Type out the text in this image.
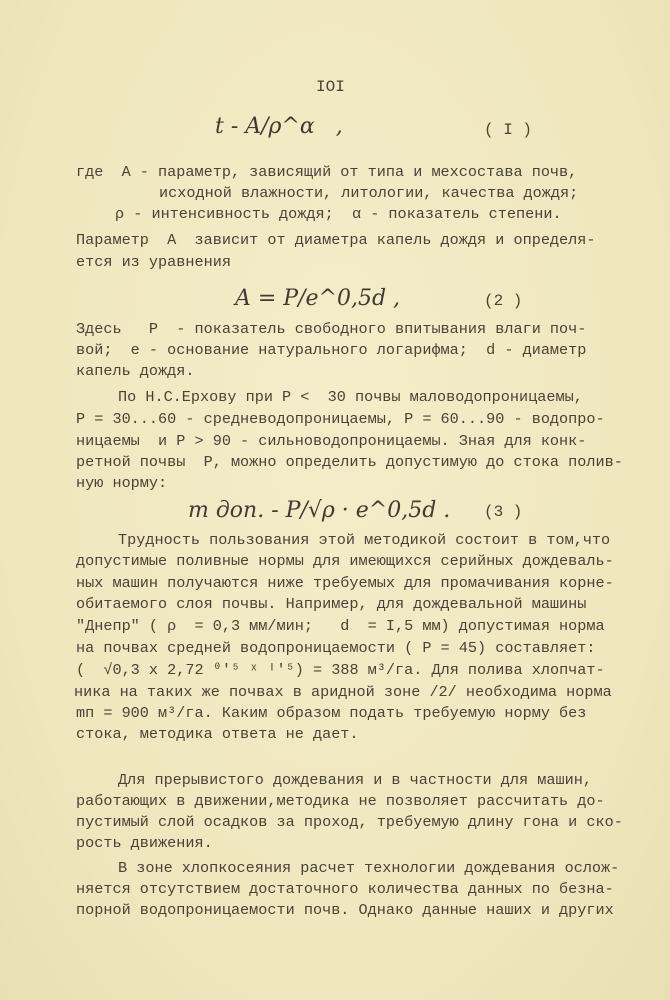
IOI
t - A/ρ^α   ,	( I )
где  A - параметр, зависящий от типа и мехсостава почв,
исходной влажности, литологии, качества дождя;
ρ - интенсивность дождя;  α - показатель степени.
Параметр  A  зависит от диаметра капель дождя и определя-
ется из уравнения
A = P/e^0,5d ,	(2 )
Здесь   P  - показатель свободного впитывания влаги поч-
вой;  e - основание натурального логарифма;  d - диаметр
капель дождя.
По Н.С.Ерхову при P <  30 почвы маловодопроницаемы,
P = 30...60 - средневодопроницаемы, P = 60...90 - водопро-
ницаемы  и P > 90 - сильноводопроницаемы. Зная для конк-
ретной почвы  P, можно определить допустимую до стока полив-
ную норму:
m доп. - P/√ρ · e^0,5d . (3 )
Трудность пользования этой методикой состоит в том,что
допустимые поливные нормы для имеющихся серийных дождеваль-
ных машин получаются ниже требуемых для промачивания корне-
обитаемого слоя почвы. Например, для дождевальной машины
"Днепр" ( ρ  = 0,3 мм/мин;   d  = I,5 мм) допустимая норма
на почвах средней водопроницаемости ( P = 45) составляет:
(  √0,3 x 2,72 ⁰'⁵ ˣ ᴵ'⁵) = 388 м³/га. Для полива хлопчат-
ника на таких же почвах в аридной зоне /2/ необходима норма
mп = 900 м³/га. Каким образом подать требуемую норму без
стока, методика ответа не дает.
Для прерывистого дождевания и в частности для машин,
работающих в движении,методика не позволяет рассчитать до-
пустимый слой осадков за проход, требуемую длину гона и ско-
рость движения.
В зоне хлопкосеяния расчет технологии дождевания ослож-
няется отсутствием достаточного количества данных по безна-
порной водопроницаемости почв. Однако данные наших и других
